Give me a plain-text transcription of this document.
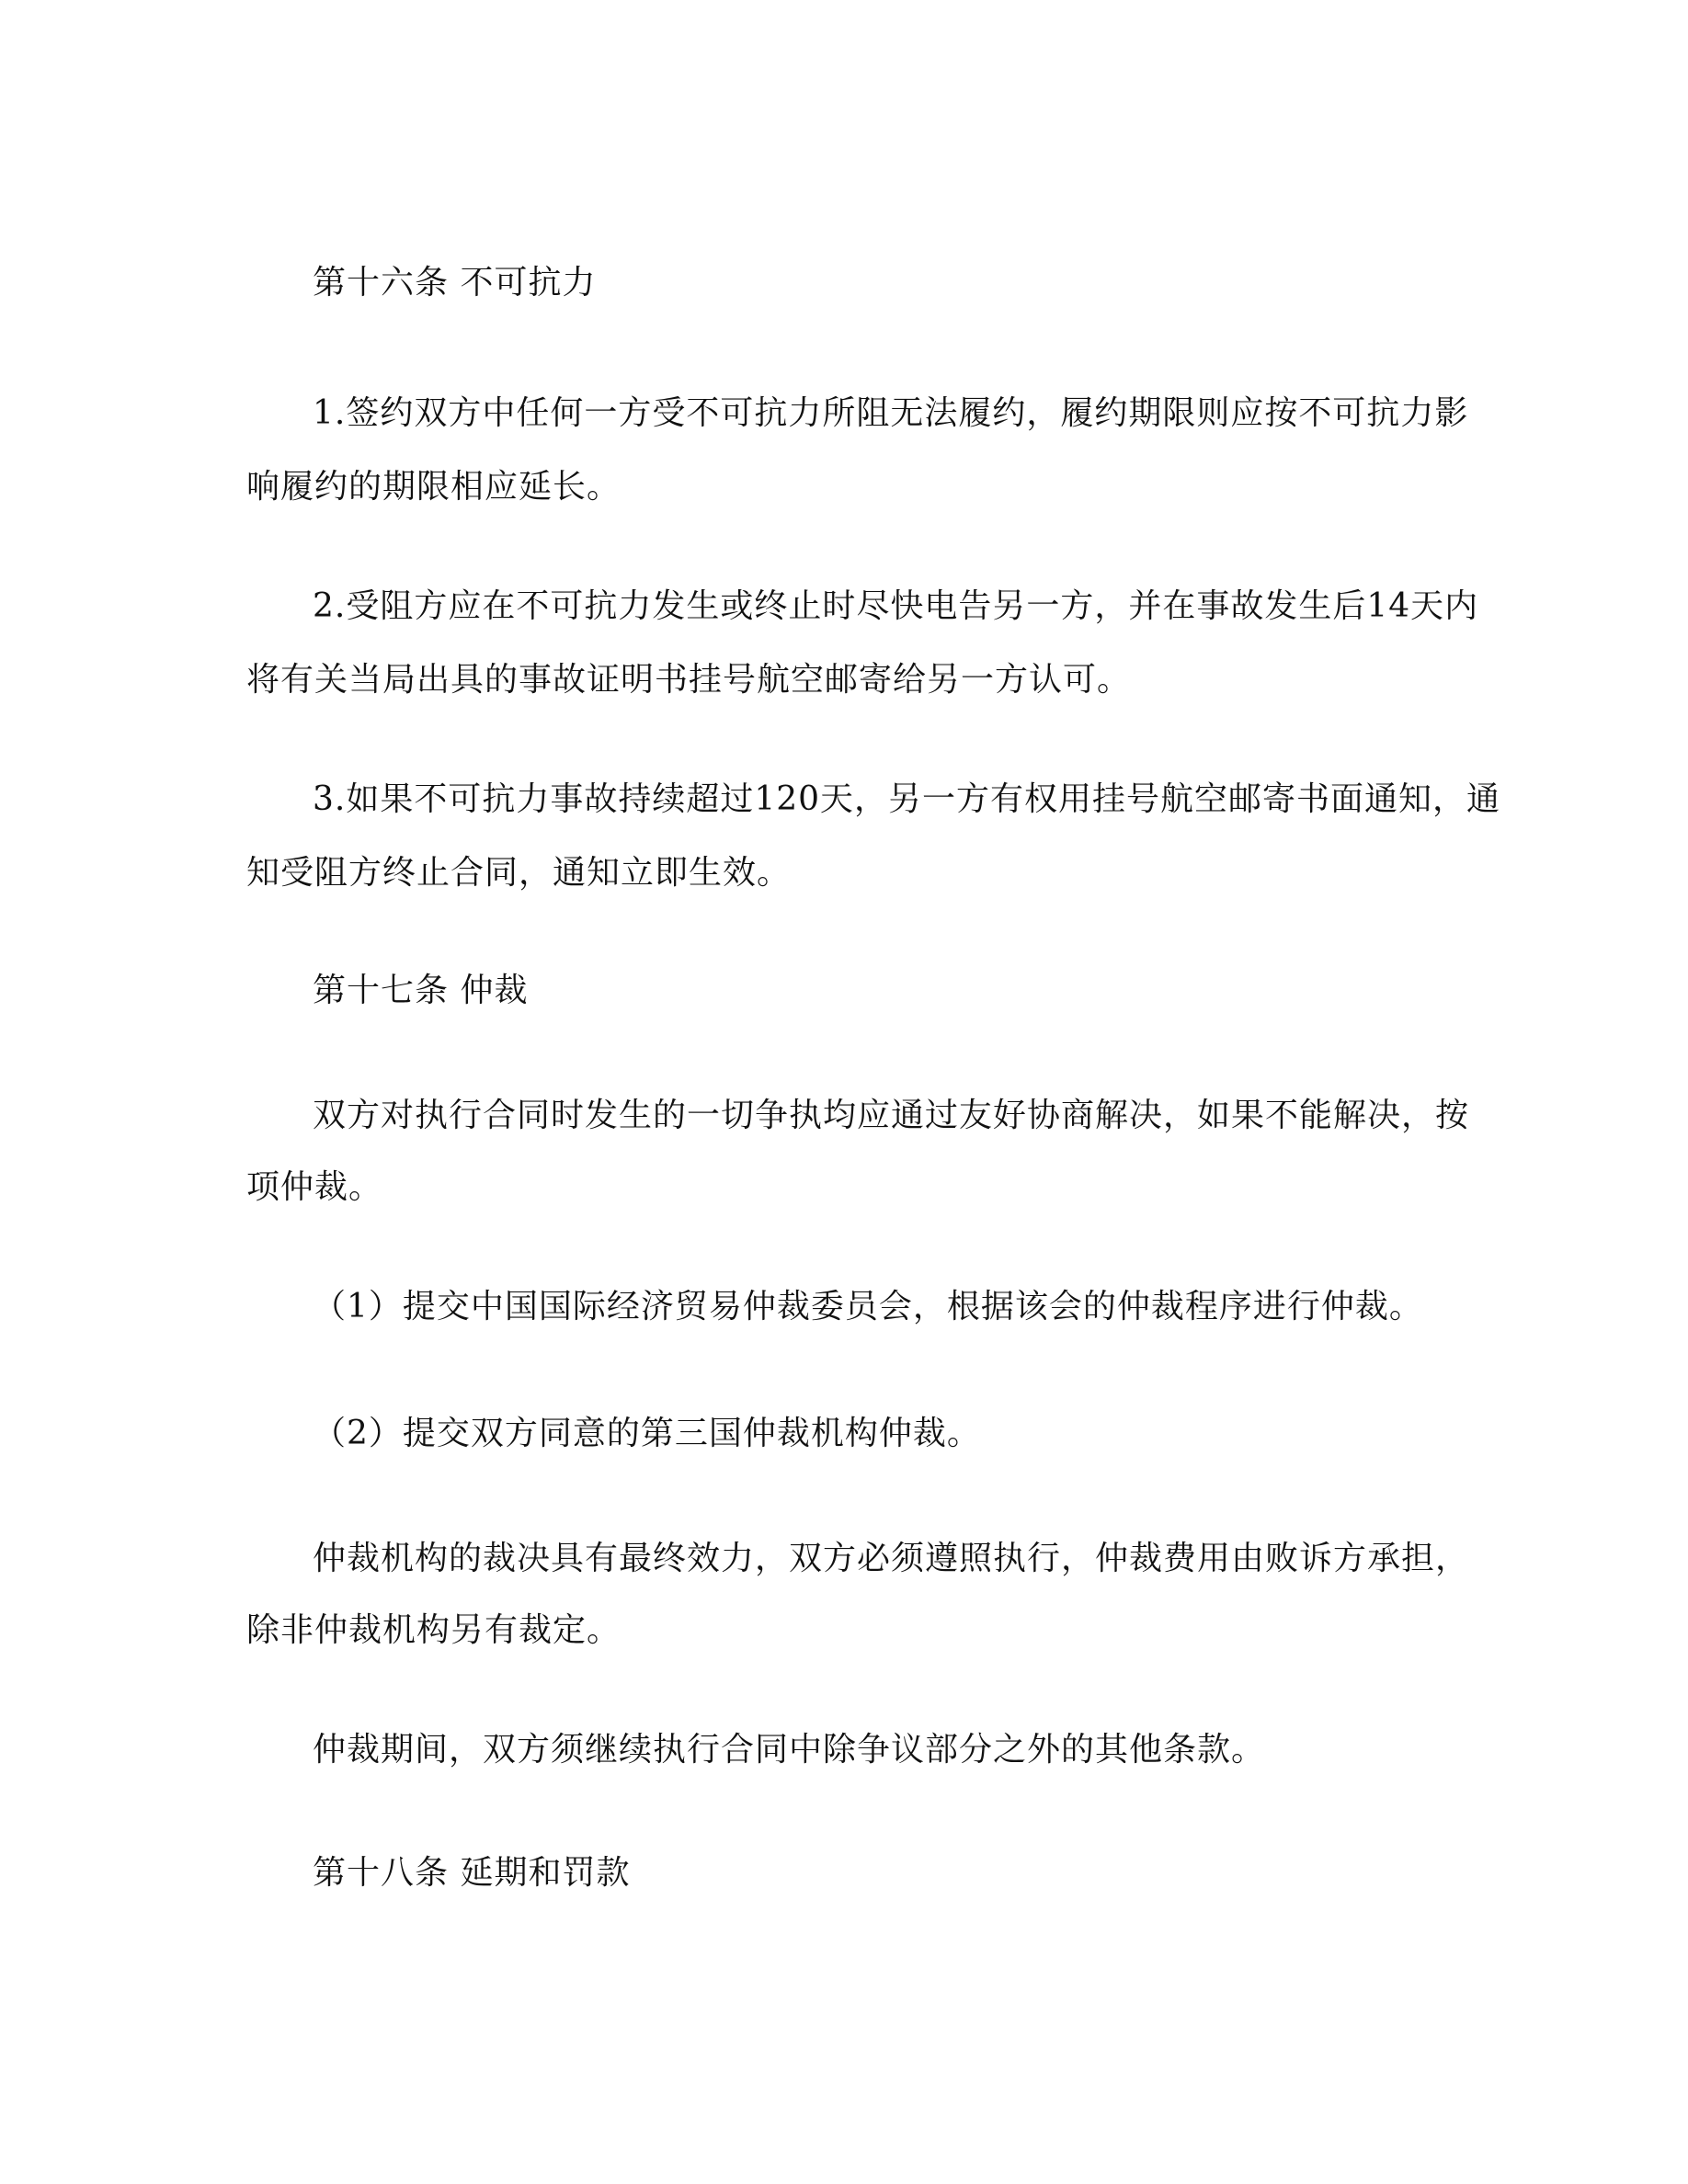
第十六条 不可抗力
1.签约双方中任何一方受不可抗力所阻无法履约，履约期限则应按不可抗力影
响履约的期限相应延长。
2.受阻方应在不可抗力发生或终止时尽快电告另一方，并在事故发生后14天内
将有关当局出具的事故证明书挂号航空邮寄给另一方认可。
3.如果不可抗力事故持续超过120天，另一方有权用挂号航空邮寄书面通知，通
知受阻方终止合同，通知立即生效。
第十七条 仲裁
双方对执行合同时发生的一切争执均应通过友好协商解决，如果不能解决，按
项仲裁。
（1）提交中国国际经济贸易仲裁委员会，根据该会的仲裁程序进行仲裁。
（2）提交双方同意的第三国仲裁机构仲裁。
仲裁机构的裁决具有最终效力，双方必须遵照执行，仲裁费用由败诉方承担，
除非仲裁机构另有裁定。
仲裁期间，双方须继续执行合同中除争议部分之外的其他条款。
第十八条 延期和罚款
